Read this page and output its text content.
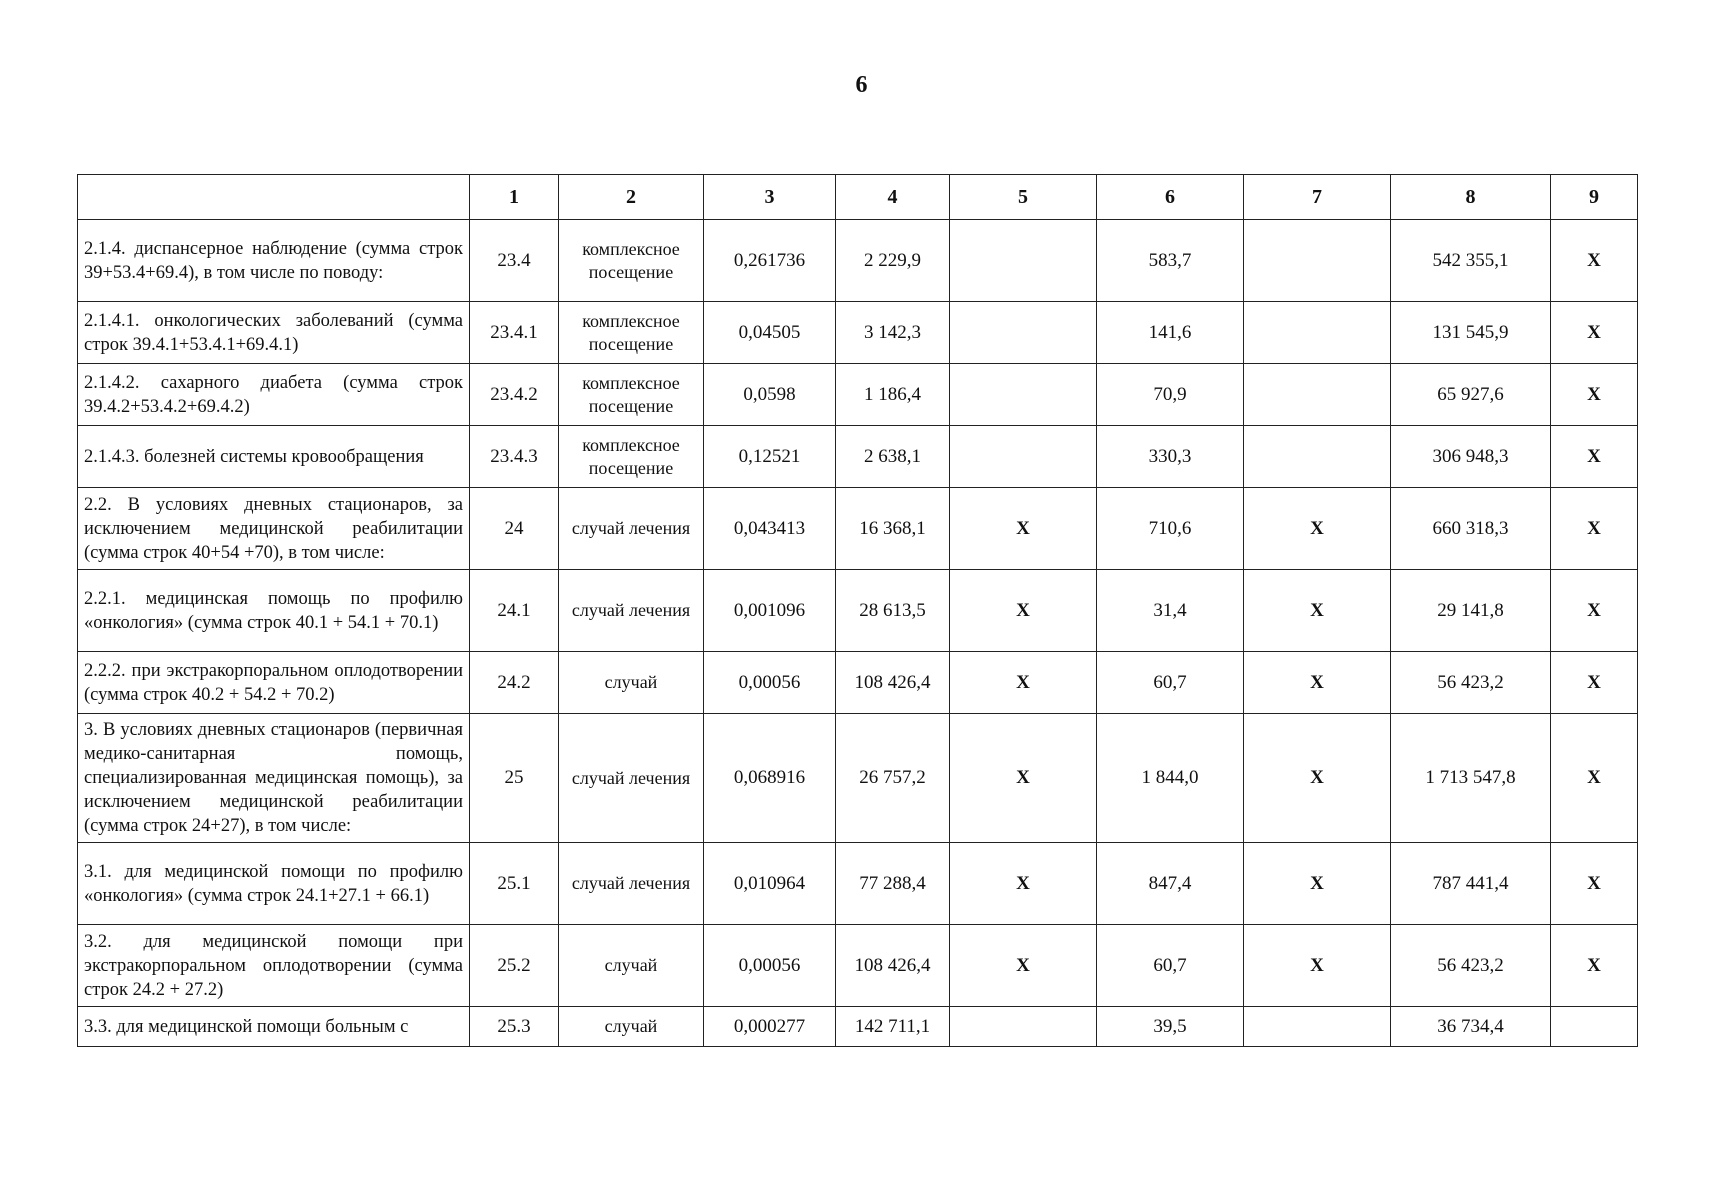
6
	1	2	3	4	5	6	7	8	9
2.1.4. диспансерное наблюдение (сумма строк 39+53.4+69.4), в том числе по поводу:	23.4	комплексное посещение	0,261736	2 229,9		583,7		542 355,1	Х
2.1.4.1. онкологических заболеваний (сумма строк 39.4.1+53.4.1+69.4.1)	23.4.1	комплексное посещение	0,04505	3 142,3		141,6		131 545,9	Х
2.1.4.2. сахарного диабета (сумма строк 39.4.2+53.4.2+69.4.2)	23.4.2	комплексное посещение	0,0598	1 186,4		70,9		65 927,6	Х
2.1.4.3. болезней системы кровообращения	23.4.3	комплексное посещение	0,12521	2 638,1		330,3		306 948,3	Х
2.2. В условиях дневных стационаров, за исключением медицинской реабилитации (сумма строк 40+54 +70), в том числе:	24	случай лечения	0,043413	16 368,1	Х	710,6	Х	660 318,3	Х
2.2.1. медицинская помощь по профилю «онкология» (сумма строк 40.1 + 54.1 + 70.1)	24.1	случай лечения	0,001096	28 613,5	Х	31,4	Х	29 141,8	Х
2.2.2. при экстракорпоральном оплодотворении (сумма строк 40.2 + 54.2 + 70.2)	24.2	случай	0,00056	108 426,4	Х	60,7	Х	56 423,2	Х
3. В условиях дневных стационаров (первичная медико-санитарная помощь, специализированная медицинская помощь), за исключением медицинской реабилитации (сумма строк 24+27), в том числе:	25	случай лечения	0,068916	26 757,2	Х	1 844,0	Х	1 713 547,8	Х
3.1. для медицинской помощи по профилю «онкология» (сумма строк 24.1+27.1 + 66.1)	25.1	случай лечения	0,010964	77 288,4	Х	847,4	Х	787 441,4	Х
3.2. для медицинской помощи при экстракорпоральном оплодотворении (сумма строк 24.2 + 27.2)	25.2	случай	0,00056	108 426,4	Х	60,7	Х	56 423,2	Х
3.3. для медицинской помощи больным с	25.3	случай	0,000277	142 711,1		39,5		36 734,4	
